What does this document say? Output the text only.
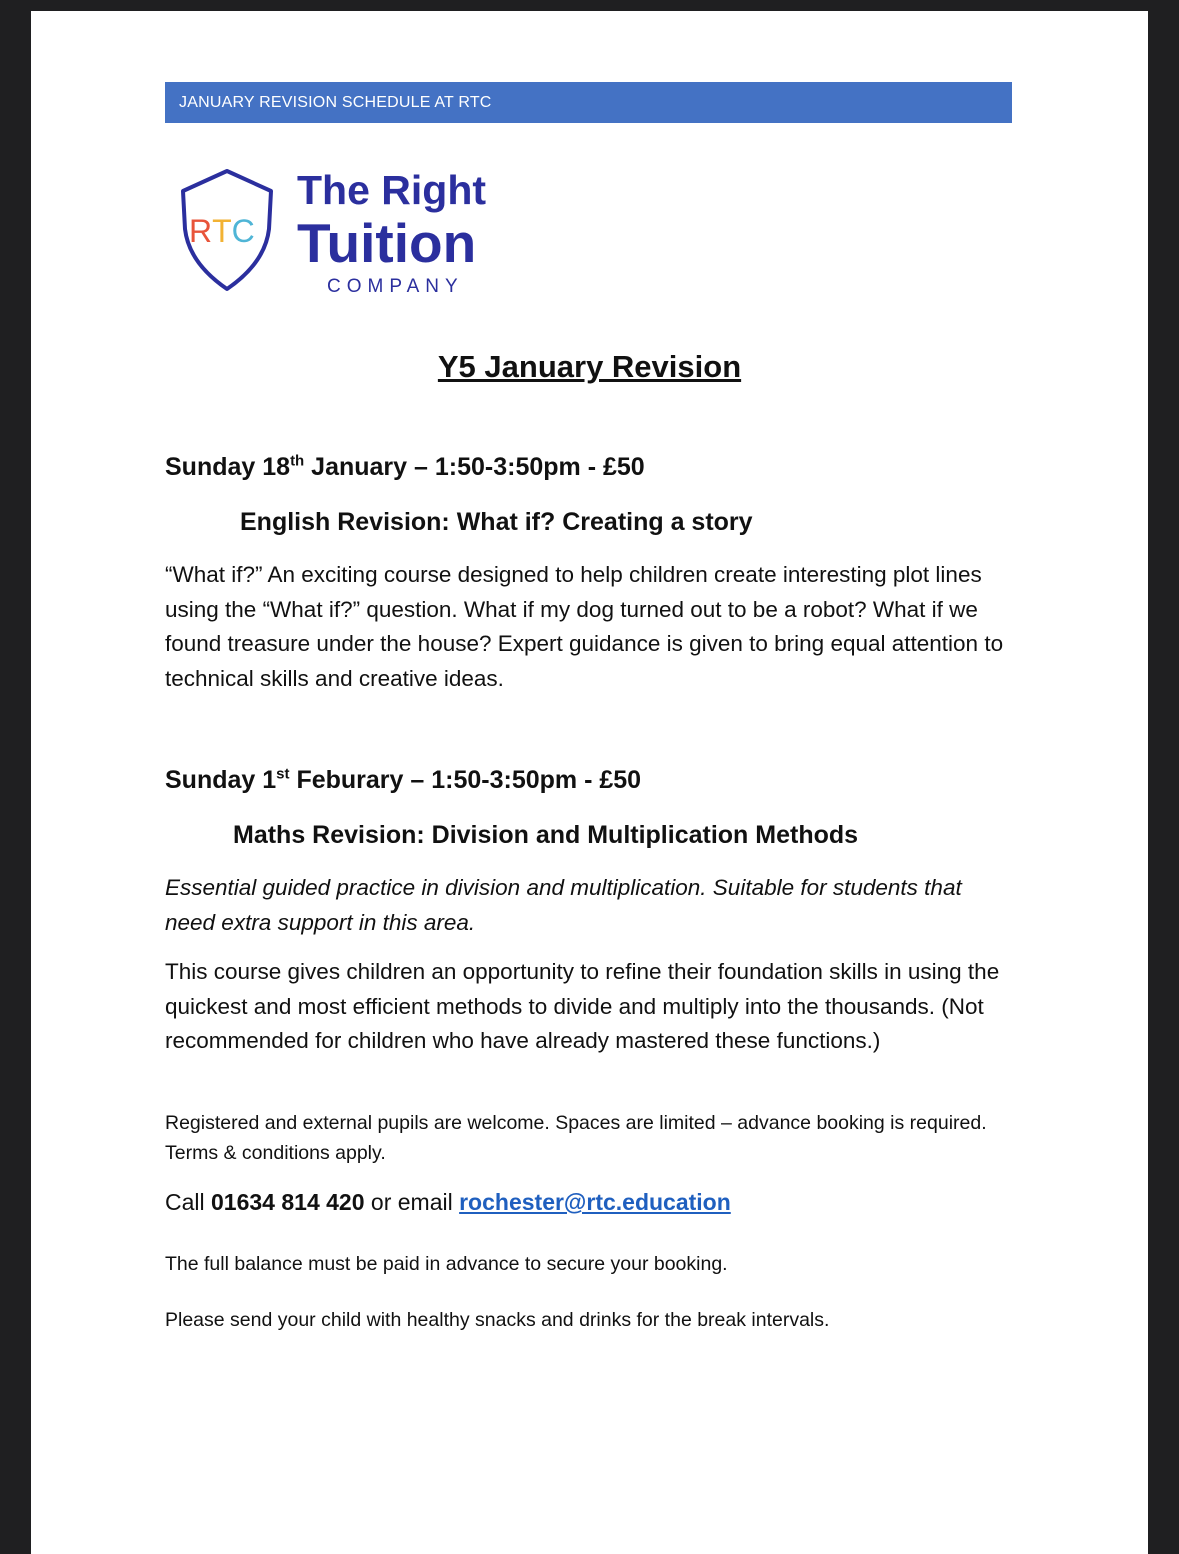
JANUARY REVISION SCHEDULE AT RTC
RTC
The Right
Tuition
COMPANY
Y5 January Revision
Sunday 18th January – 1:50-3:50pm - £50
English Revision: What if? Creating a story
“What if?” An exciting course designed to help children create interesting plot lines using the “What if?” question. What if my dog turned out to be a robot? What if we found treasure under the house? Expert guidance is given to bring equal attention to technical skills and creative ideas.
Sunday 1st Feburary – 1:50-3:50pm - £50
Maths Revision: Division and Multiplication Methods
Essential guided practice in division and multiplication. Suitable for students that need extra support in this area.
This course gives children an opportunity to refine their foundation skills in using the quickest and most efficient methods to divide and multiply into the thousands. (Not recommended for children who have already mastered these functions.)
Registered and external pupils are welcome. Spaces are limited – advance booking is required. Terms & conditions apply.
Call 01634 814 420 or email rochester@rtc.education
The full balance must be paid in advance to secure your booking.
Please send your child with healthy snacks and drinks for the break intervals.
